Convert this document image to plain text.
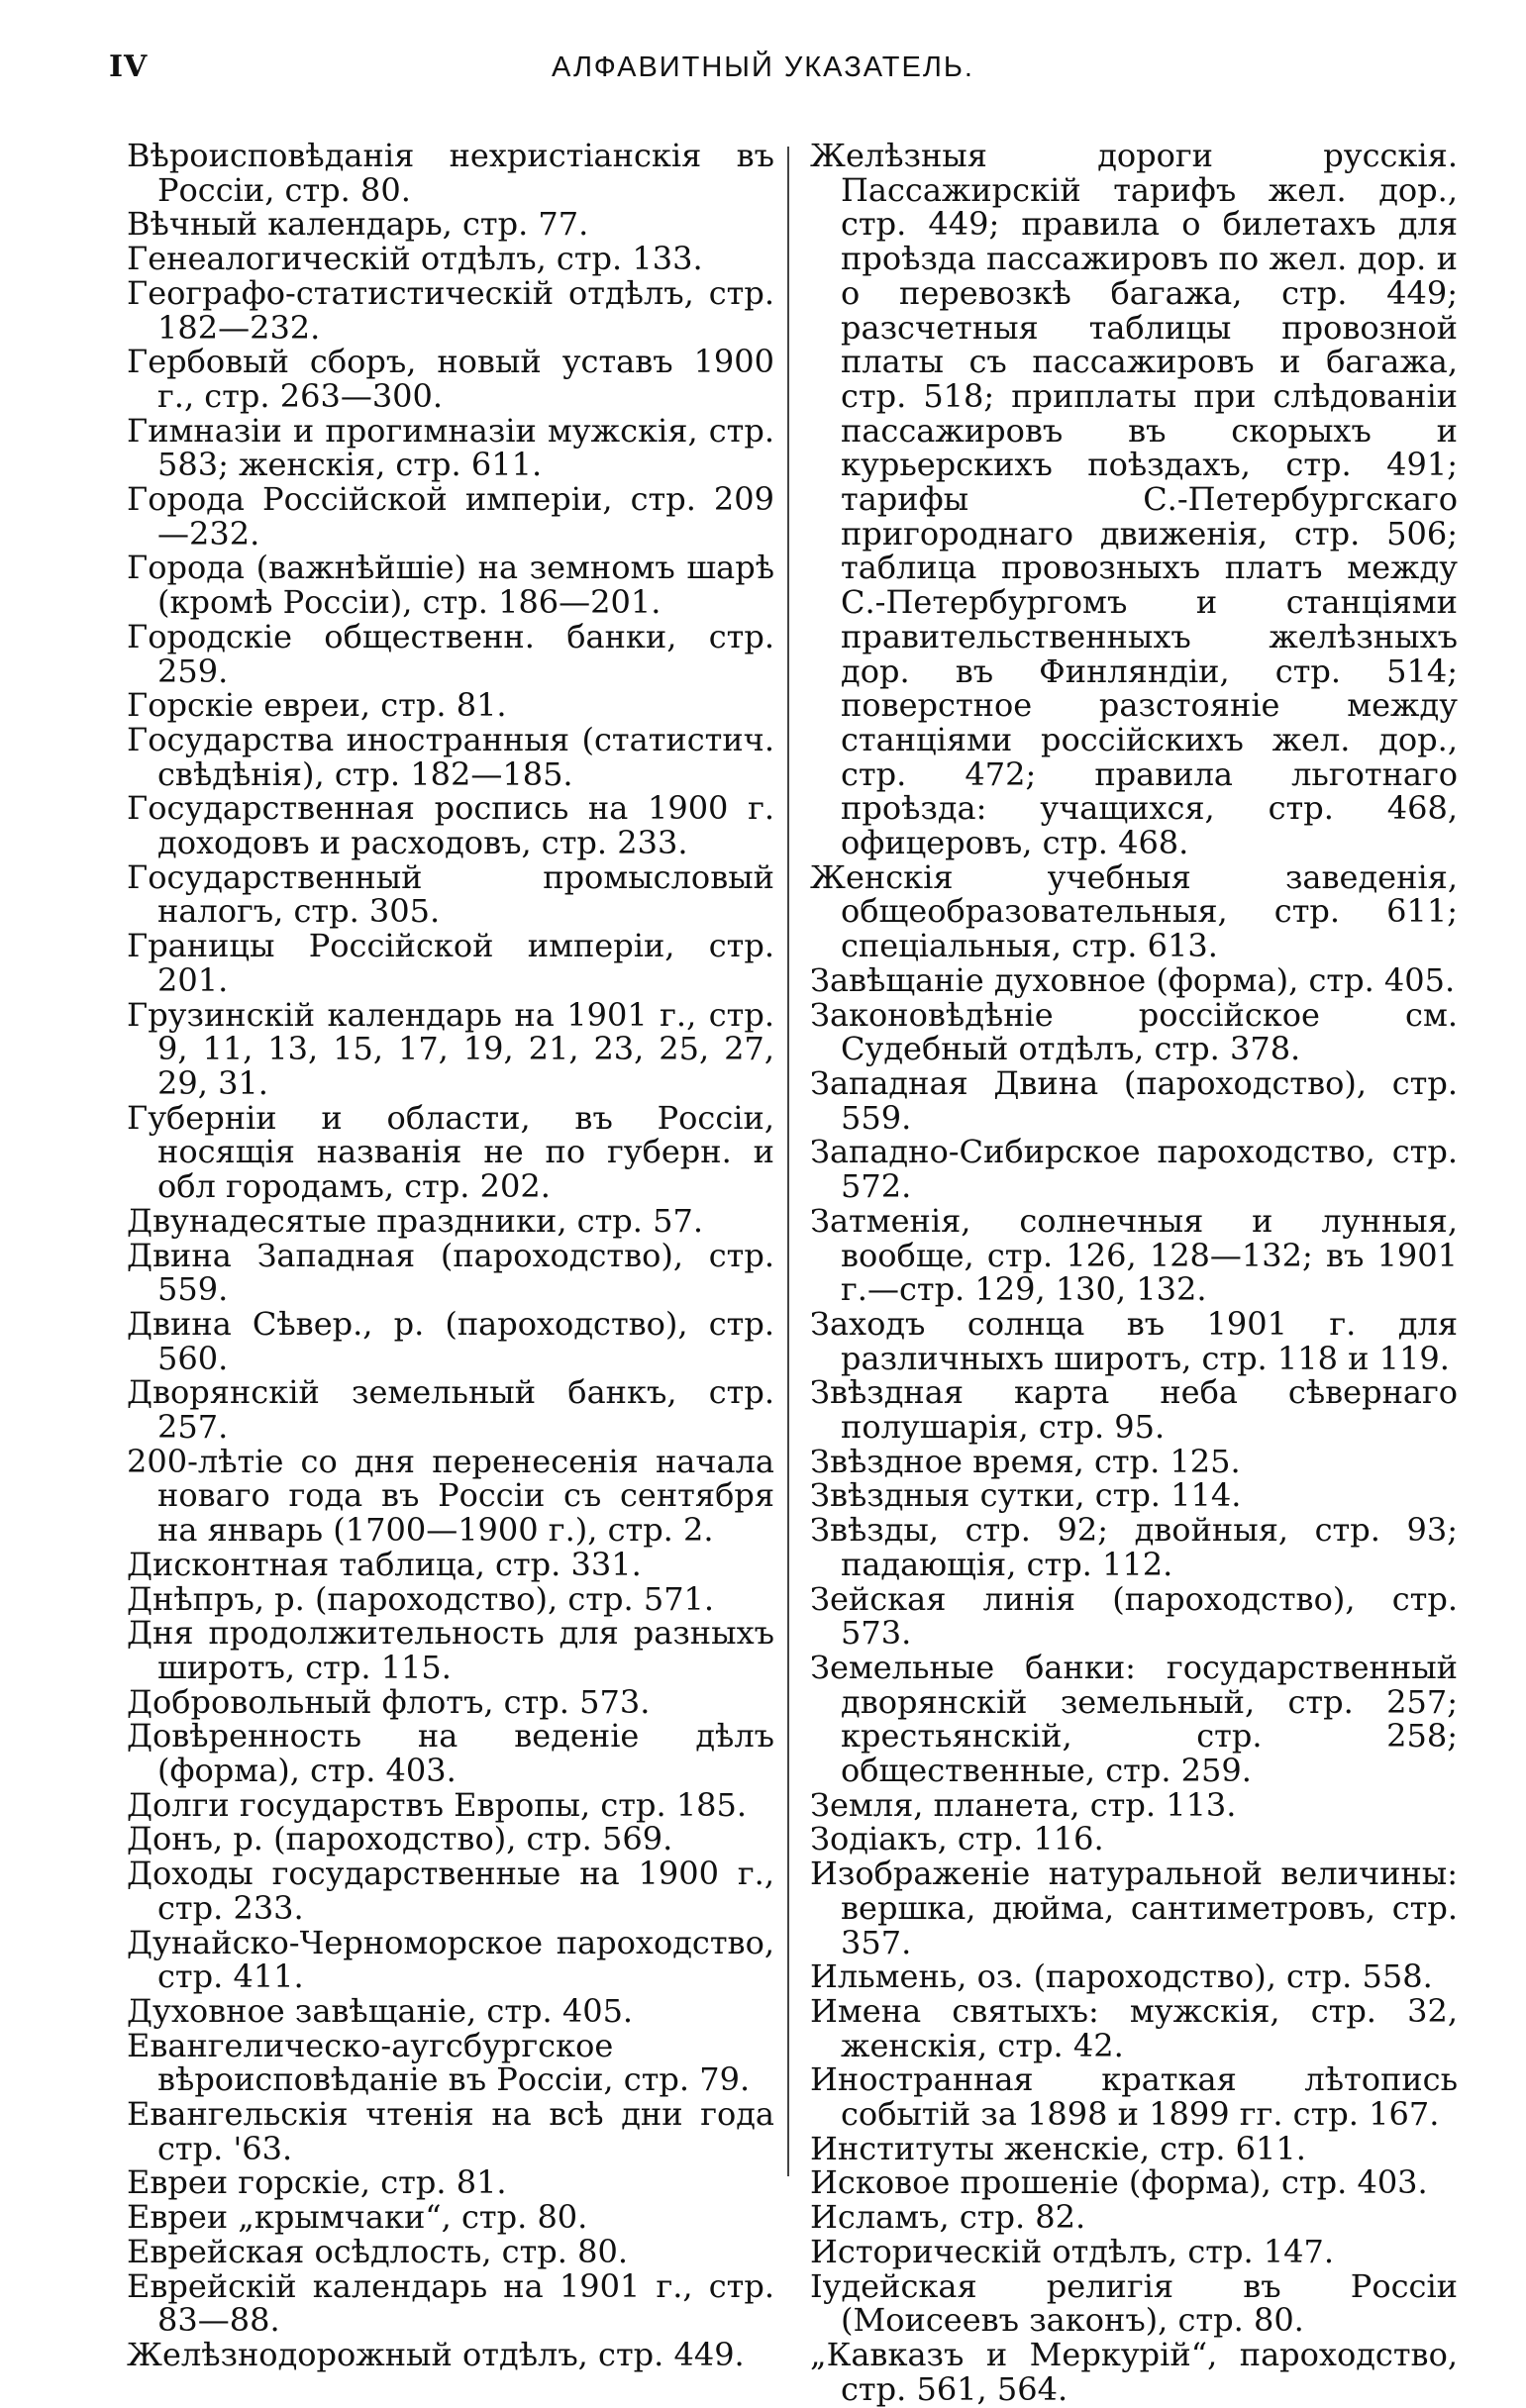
IV	АЛФАВИТНЫЙ УКАЗАТЕЛЬ.

Вѣроисповѣданія нехристіанскія въ Россіи, стр. 80.

Вѣчный календарь, стр. 77.

Генеалогическій отдѣлъ, стр. 133.

Географо-статистическій отдѣлъ, стр. 182—232.

Гербовый сборъ, новый уставъ 1900 г., стр. 263—300.

Гимназіи и прогимназіи мужскія, стр. 583; женскія, стр. 611.

Города Россійской имперіи, стр. 209—232.

Города (важнѣйшіе) на земномъ шарѣ (кромѣ Россіи), стр. 186—201.

Городскіе общественн. банки, стр. 259.

Горскіе евреи, стр. 81.

Государства иностранныя (статистич. свѣдѣнія), стр. 182—185.

Государственная роспись на 1900 г. доходовъ и расходовъ, стр. 233.

Государственный промысловый налогъ, стр. 305.

Границы Россійской имперіи, стр. 201.

Грузинскій календарь на 1901 г., стр. 9, 11, 13, 15, 17, 19, 21, 23, 25, 27, 29, 31.

Губерніи и области, въ Россіи, носящія названія не по губерн. и обл городамъ, стр. 202.

Двунадесятые праздники, стр. 57.

Двина Западная (пароходство), стр. 559.

Двина Сѣвер., р. (пароходство), стр. 560.

Дворянскій земельный банкъ, стр. 257.

200-лѣтіе со дня перенесенія начала новаго года въ Россіи съ сентября на январь (1700—1900 г.), стр. 2.

Дисконтная таблица, стр. 331.

Днѣпръ, р. (пароходство), стр. 571.

Дня продолжительность для разныхъ широтъ, стр. 115.

Добровольный флотъ, стр. 573.

Довѣренность на веденіе дѣлъ (форма), стр. 403.

Долги государствъ Европы, стр. 185.

Донъ, р. (пароходство), стр. 569.

Доходы государственные на 1900 г., стр. 233.

Дунайско-Черноморское пароходство, стр. 411.

Духовное завѣщаніе, стр. 405.

Евангелическо-аугсбургское вѣроисповѣданіе въ Россіи, стр. 79.

Евангельскія чтенія на всѣ дни года стр. '63.

Евреи горскіе, стр. 81.

Евреи „крымчаки“, стр. 80.

Еврейская осѣдлость, стр. 80.

Еврейскій календарь на 1901 г., стр. 83—88.

Желѣзнодорожный отдѣлъ, стр. 449.

Желѣзныя дороги русскія. Пассажирскій тарифъ жел. дор., стр. 449; правила о билетахъ для проѣзда пассажировъ по жел. дор. и о перевозкѣ багажа, стр. 449; разсчетныя таблицы провозной платы съ пассажировъ и багажа, стр. 518; приплаты при слѣдованіи пассажировъ въ скорыхъ и курьерскихъ поѣздахъ, стр. 491; тарифы С.-Петербургскаго пригороднаго движенія, стр. 506; таблица провозныхъ платъ между С.-Петербургомъ и станціями правительственныхъ желѣзныхъ дор. въ Финляндіи, стр. 514; поверстное разстояніе между станціями россійскихъ жел. дор., стр. 472; правила льготнаго проѣзда: учащихся, стр. 468, офицеровъ, стр. 468.

Женскія учебныя заведенія, общеобразовательныя, стр. 611; спеціальныя, стр. 613.

Завѣщаніе духовное (форма), стр. 405.

Законовѣдѣніе россійское см. Судебный отдѣлъ, стр. 378.

Западная Двина (пароходство), стр. 559.

Западно-Сибирское пароходство, стр. 572.

Затменія, солнечныя и лунныя, вообще, стр. 126, 128—132; въ 1901 г.—стр. 129, 130, 132.

Заходъ солнца въ 1901 г. для различныхъ широтъ, стр. 118 и 119.

Звѣздная карта неба сѣвернаго полушарія, стр. 95.

Звѣздное время, стр. 125.

Звѣздныя сутки, стр. 114.

Звѣзды, стр. 92; двойныя, стр. 93; падающія, стр. 112.

Зейская линія (пароходство), стр. 573.

Земельные банки: государственный дворянскій земельный, стр. 257; крестьянскій, стр. 258; общественные, стр. 259.

Земля, планета, стр. 113.

Зодіакъ, стр. 116.

Изображеніе натуральной величины: вершка, дюйма, сантиметровъ, стр. 357.

Ильмень, оз. (пароходство), стр. 558.

Имена святыхъ: мужскія, стр. 32, женскія, стр. 42.

Иностранная краткая лѣтопись событій за 1898 и 1899 гг. стр. 167.

Институты женскіе, стр. 611.

Исковое прошеніе (форма), стр. 403.

Исламъ, стр. 82.

Историческій отдѣлъ, стр. 147.

Іудейская религія въ Россіи (Моисеевъ законъ), стр. 80.

„Кавказъ и Меркурій“, пароходство, стр. 561, 564.
